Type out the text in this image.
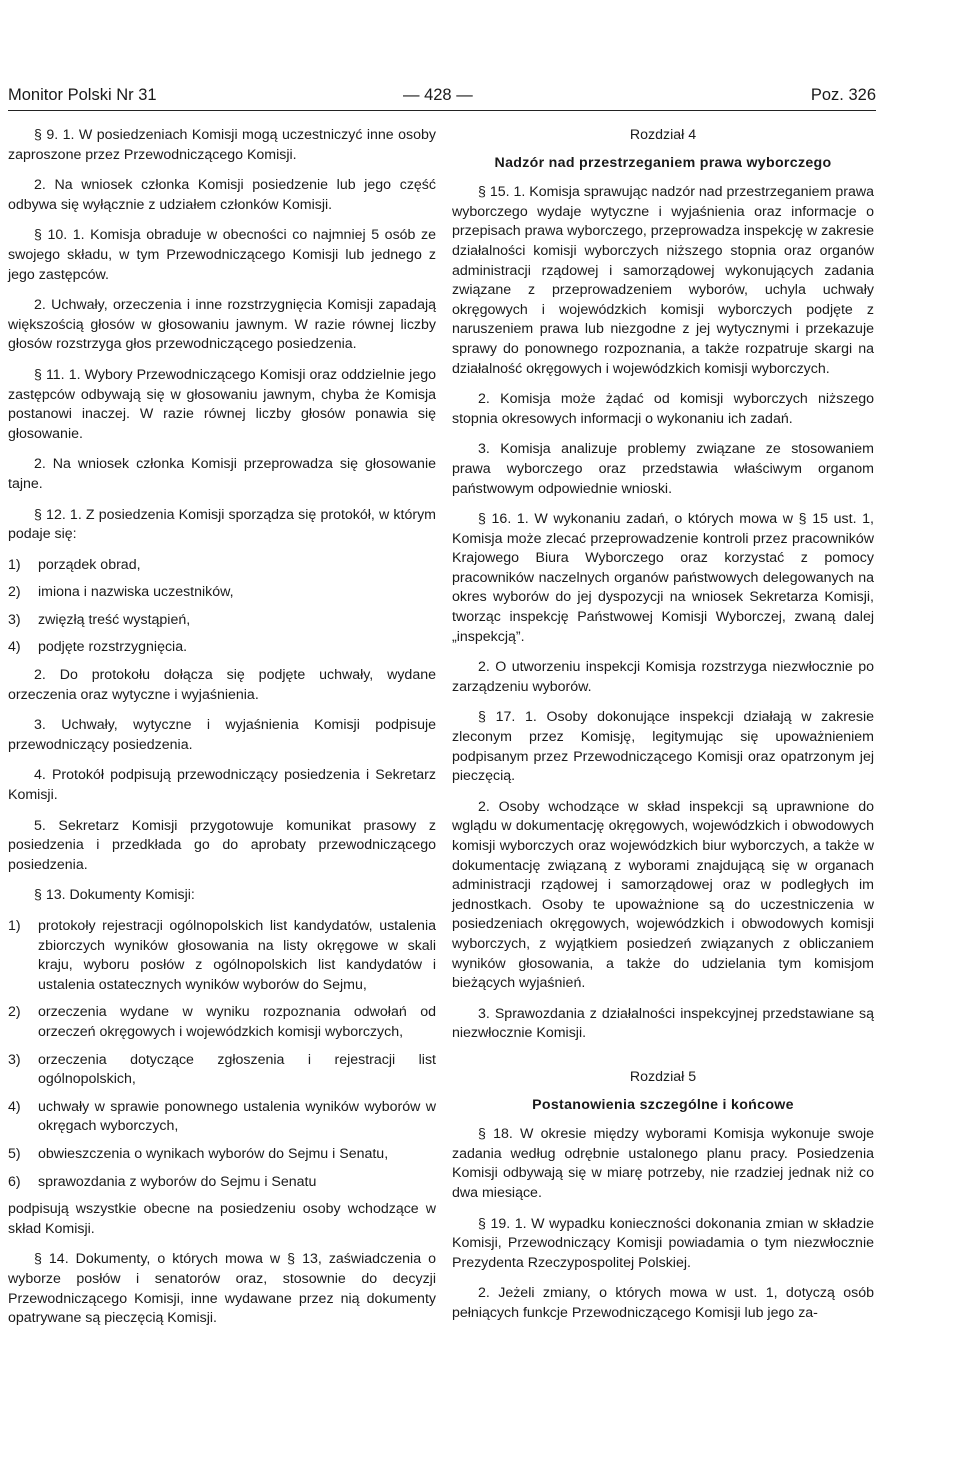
Monitor Polski Nr 31	— 428 —	Poz. 326

§ 9. 1. W posiedzeniach Komisji mogą uczestniczyć inne osoby zaproszone przez Przewodniczącego Komisji.

2. Na wniosek członka Komisji posiedzenie lub jego część odbywa się wyłącznie z udziałem członków Komisji.

§ 10. 1. Komisja obraduje w obecności co najmniej 5 osób ze swojego składu, w tym Przewodniczącego Komisji lub jednego z jego zastępców.

2. Uchwały, orzeczenia i inne rozstrzygnięcia Komisji zapadają większością głosów w głosowaniu jawnym. W razie równej liczby głosów rozstrzyga głos przewodniczącego posiedzenia.

§ 11. 1. Wybory Przewodniczącego Komisji oraz oddzielnie jego zastępców odbywają się w głosowaniu jawnym, chyba że Komisja postanowi inaczej. W razie równej liczby głosów ponawia się głosowanie.

2. Na wniosek członka Komisji przeprowadza się głosowanie tajne.

§ 12. 1. Z posiedzenia Komisji sporządza się protokół, w którym podaje się:

1) porządek obrad,

2) imiona i nazwiska uczestników,

3) zwięzłą treść wystąpień,

4) podjęte rozstrzygnięcia.

2. Do protokołu dołącza się podjęte uchwały, wydane orzeczenia oraz wytyczne i wyjaśnienia.

3. Uchwały, wytyczne i wyjaśnienia Komisji podpisuje przewodniczący posiedzenia.

4. Protokół podpisują przewodniczący posiedzenia i Sekretarz Komisji.

5. Sekretarz Komisji przygotowuje komunikat prasowy z posiedzenia i przedkłada go do aprobaty przewodniczącego posiedzenia.

§ 13. Dokumenty Komisji:

1) protokoły rejestracji ogólnopolskich list kandydatów, ustalenia zbiorczych wyników głosowania na listy okręgowe w skali kraju, wyboru posłów z ogólnopolskich list kandydatów i ustalenia ostatecznych wyników wyborów do Sejmu,

2) orzeczenia wydane w wyniku rozpoznania odwołań od orzeczeń okręgowych i wojewódzkich komisji wyborczych,

3) orzeczenia dotyczące zgłoszenia i rejestracji list ogólnopolskich,

4) uchwały w sprawie ponownego ustalenia wyników wyborów w okręgach wyborczych,

5) obwieszczenia o wynikach wyborów do Sejmu i Senatu,

6) sprawozdania z wyborów do Sejmu i Senatu

podpisują wszystkie obecne na posiedzeniu osoby wchodzące w skład Komisji.

§ 14. Dokumenty, o których mowa w § 13, zaświadczenia o wyborze posłów i senatorów oraz, stosownie do decyzji Przewodniczącego Komisji, inne wydawane przez nią dokumenty opatrywane są pieczęcią Komisji.

Rozdział 4

Nadzór nad przestrzeganiem prawa wyborczego

§ 15. 1. Komisja sprawując nadzór nad przestrzeganiem prawa wyborczego wydaje wytyczne i wyjaśnienia oraz informacje o przepisach prawa wyborczego, przeprowadza inspekcję w zakresie działalności komisji wyborczych niższego stopnia oraz organów administracji rządowej i samorządowej wykonujących zadania związane z przeprowadzeniem wyborów, uchyla uchwały okręgowych i wojewódzkich komisji wyborczych podjęte z naruszeniem prawa lub niezgodne z jej wytycznymi i przekazuje sprawy do ponownego rozpoznania, a także rozpatruje skargi na działalność okręgowych i wojewódzkich komisji wyborczych.

2. Komisja może żądać od komisji wyborczych niższego stopnia okresowych informacji o wykonaniu ich zadań.

3. Komisja analizuje problemy związane ze stosowaniem prawa wyborczego oraz przedstawia właściwym organom państwowym odpowiednie wnioski.

§ 16. 1. W wykonaniu zadań, o których mowa w § 15 ust. 1, Komisja może zlecać przeprowadzenie kontroli przez pracowników Krajowego Biura Wyborczego oraz korzystać z pomocy pracowników naczelnych organów państwowych delegowanych na okres wyborów do jej dyspozycji na wniosek Sekretarza Komisji, tworząc inspekcję Państwowej Komisji Wyborczej, zwaną dalej „inspekcją”.

2. O utworzeniu inspekcji Komisja rozstrzyga niezwłocznie po zarządzeniu wyborów.

§ 17. 1. Osoby dokonujące inspekcji działają w zakresie zleconym przez Komisję, legitymując się upoważnieniem podpisanym przez Przewodniczącego Komisji oraz opatrzonym jej pieczęcią.

2. Osoby wchodzące w skład inspekcji są uprawnione do wglądu w dokumentację okręgowych, wojewódzkich i obwodowych komisji wyborczych oraz wojewódzkich biur wyborczych, a także w dokumentację związaną z wyborami znajdującą się w organach administracji rządowej i samorządowej oraz w podległych im jednostkach. Osoby te upoważnione są do uczestniczenia w posiedzeniach okręgowych, wojewódzkich i obwodowych komisji wyborczych, z wyjątkiem posiedzeń związanych z obliczaniem wyników głosowania, a także do udzielania tym komisjom bieżących wyjaśnień.

3. Sprawozdania z działalności inspekcyjnej przedstawiane są niezwłocznie Komisji.

Rozdział 5

Postanowienia szczególne i końcowe

§ 18. W okresie między wyborami Komisja wykonuje swoje zadania według odrębnie ustalonego planu pracy. Posiedzenia Komisji odbywają się w miarę potrzeby, nie rzadziej jednak niż co dwa miesiące.

§ 19. 1. W wypadku konieczności dokonania zmian w składzie Komisji, Przewodniczący Komisji powiadamia o tym niezwłocznie Prezydenta Rzeczypospolitej Polskiej.

2. Jeżeli zmiany, o których mowa w ust. 1, dotyczą osób pełniących funkcje Przewodniczącego Komisji lub jego za-
